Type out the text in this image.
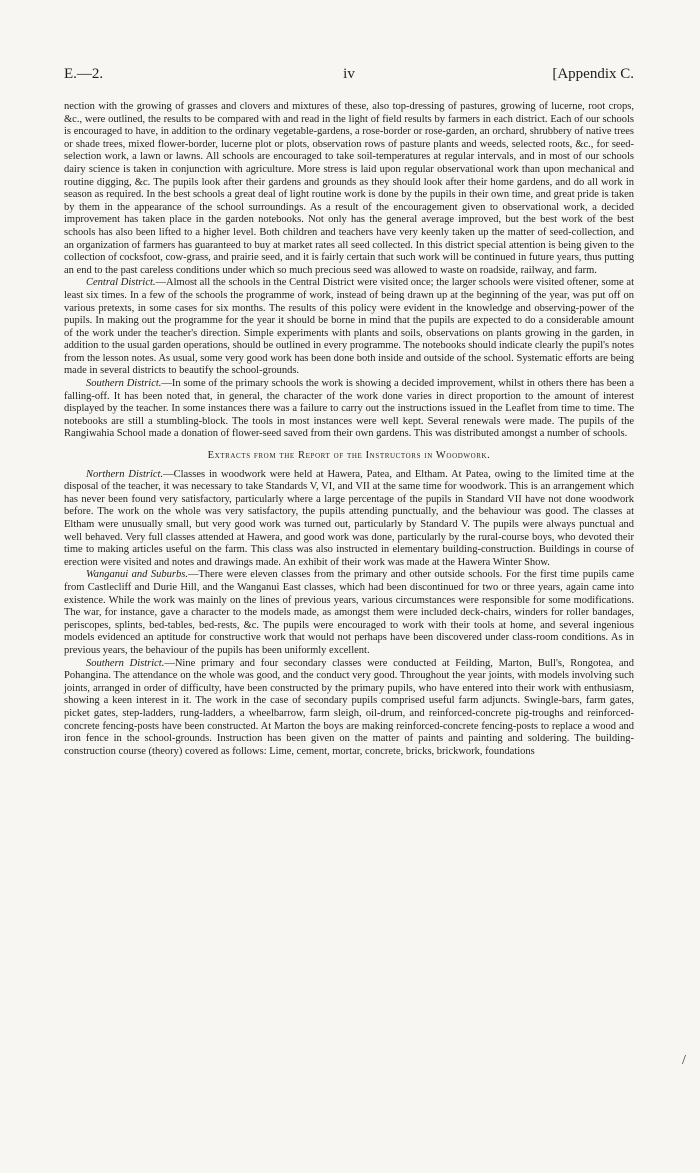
E.—2.	iv	[Appendix C.

nection with the growing of grasses and clovers and mixtures of these, also top-dressing of pastures, growing of lucerne, root crops, &c., were outlined, the results to be compared with and read in the light of field results by farmers in each district. Each of our schools is encouraged to have, in addition to the ordinary vegetable-gardens, a rose-border or rose-garden, an orchard, shrubbery of native trees or shade trees, mixed flower-border, lucerne plot or plots, observation rows of pasture plants and weeds, selected roots, &c., for seed-selection work, a lawn or lawns. All schools are encouraged to take soil-temperatures at regular intervals, and in most of our schools dairy science is taken in conjunction with agriculture. More stress is laid upon regular observational work than upon mechanical and routine digging, &c. The pupils look after their gardens and grounds as they should look after their home gardens, and do all work in season as required. In the best schools a great deal of light routine work is done by the pupils in their own time, and great pride is taken by them in the appearance of the school surroundings. As a result of the encouragement given to observational work, a decided improvement has taken place in the garden notebooks. Not only has the general average improved, but the best work of the best schools has also been lifted to a higher level. Both children and teachers have very keenly taken up the matter of seed-collection, and an organization of farmers has guaranteed to buy at market rates all seed collected. In this district special attention is being given to the collection of cocksfoot, cow-grass, and prairie seed, and it is fairly certain that such work will be continued in future years, thus putting an end to the past careless conditions under which so much precious seed was allowed to waste on roadside, railway, and farm.

Central District.—Almost all the schools in the Central District were visited once; the larger schools were visited oftener, some at least six times. In a few of the schools the programme of work, instead of being drawn up at the beginning of the year, was put off on various pretexts, in some cases for six months. The results of this policy were evident in the knowledge and observing-power of the pupils. In making out the programme for the year it should be borne in mind that the pupils are expected to do a considerable amount of the work under the teacher's direction. Simple experiments with plants and soils, observations on plants growing in the garden, in addition to the usual garden operations, should be outlined in every programme. The notebooks should indicate clearly the pupil's notes from the lesson notes. As usual, some very good work has been done both inside and outside of the school. Systematic efforts are being made in several districts to beautify the school-grounds.

Southern District.—In some of the primary schools the work is showing a decided improvement, whilst in others there has been a falling-off. It has been noted that, in general, the character of the work done varies in direct proportion to the amount of interest displayed by the teacher. In some instances there was a failure to carry out the instructions issued in the Leaflet from time to time. The notebooks are still a stumbling-block. The tools in most instances were well kept. Several renewals were made. The pupils of the Rangiwahia School made a donation of flower-seed saved from their own gardens. This was distributed amongst a number of schools.

Extracts from the Report of the Instructors in Woodwork.

Northern District.—Classes in woodwork were held at Hawera, Patea, and Eltham. At Patea, owing to the limited time at the disposal of the teacher, it was necessary to take Standards V, VI, and VII at the same time for woodwork. This is an arrangement which has never been found very satisfactory, particularly where a large percentage of the pupils in Standard VII have not done woodwork before. The work on the whole was very satisfactory, the pupils attending punctually, and the behaviour was good. The classes at Eltham were unusually small, but very good work was turned out, particularly by Standard V. The pupils were always punctual and well behaved. Very full classes attended at Hawera, and good work was done, particularly by the rural-course boys, who devoted their time to making articles useful on the farm. This class was also instructed in elementary building-construction. Buildings in course of erection were visited and notes and drawings made. An exhibit of their work was made at the Hawera Winter Show.

Wanganui and Suburbs.—There were eleven classes from the primary and other outside schools. For the first time pupils came from Castlecliff and Durie Hill, and the Wanganui East classes, which had been discontinued for two or three years, again came into existence. While the work was mainly on the lines of previous years, various circumstances were responsible for some modifications. The war, for instance, gave a character to the models made, as amongst them were included deck-chairs, winders for roller bandages, periscopes, splints, bed-tables, bed-rests, &c. The pupils were encouraged to work with their tools at home, and several ingenious models evidenced an aptitude for constructive work that would not perhaps have been discovered under class-room conditions. As in previous years, the behaviour of the pupils has been uniformly excellent.

Southern District.—Nine primary and four secondary classes were conducted at Feilding, Marton, Bull's, Rongotea, and Pohangina. The attendance on the whole was good, and the conduct very good. Throughout the year joints, with models involving such joints, arranged in order of difficulty, have been constructed by the primary pupils, who have entered into their work with enthusiasm, showing a keen interest in it. The work in the case of secondary pupils comprised useful farm adjuncts. Swingle-bars, farm gates, picket gates, step-ladders, rung-ladders, a wheelbarrow, farm sleigh, oil-drum, and reinforced-concrete pig-troughs and reinforced-concrete fencing-posts have been constructed. At Marton the boys are making reinforced-concrete fencing-posts to replace a wood and iron fence in the school-grounds. Instruction has been given on the matter of paints and painting and soldering. The building-construction course (theory) covered as follows: Lime, cement, mortar, concrete, bricks, brickwork, foundations

/
